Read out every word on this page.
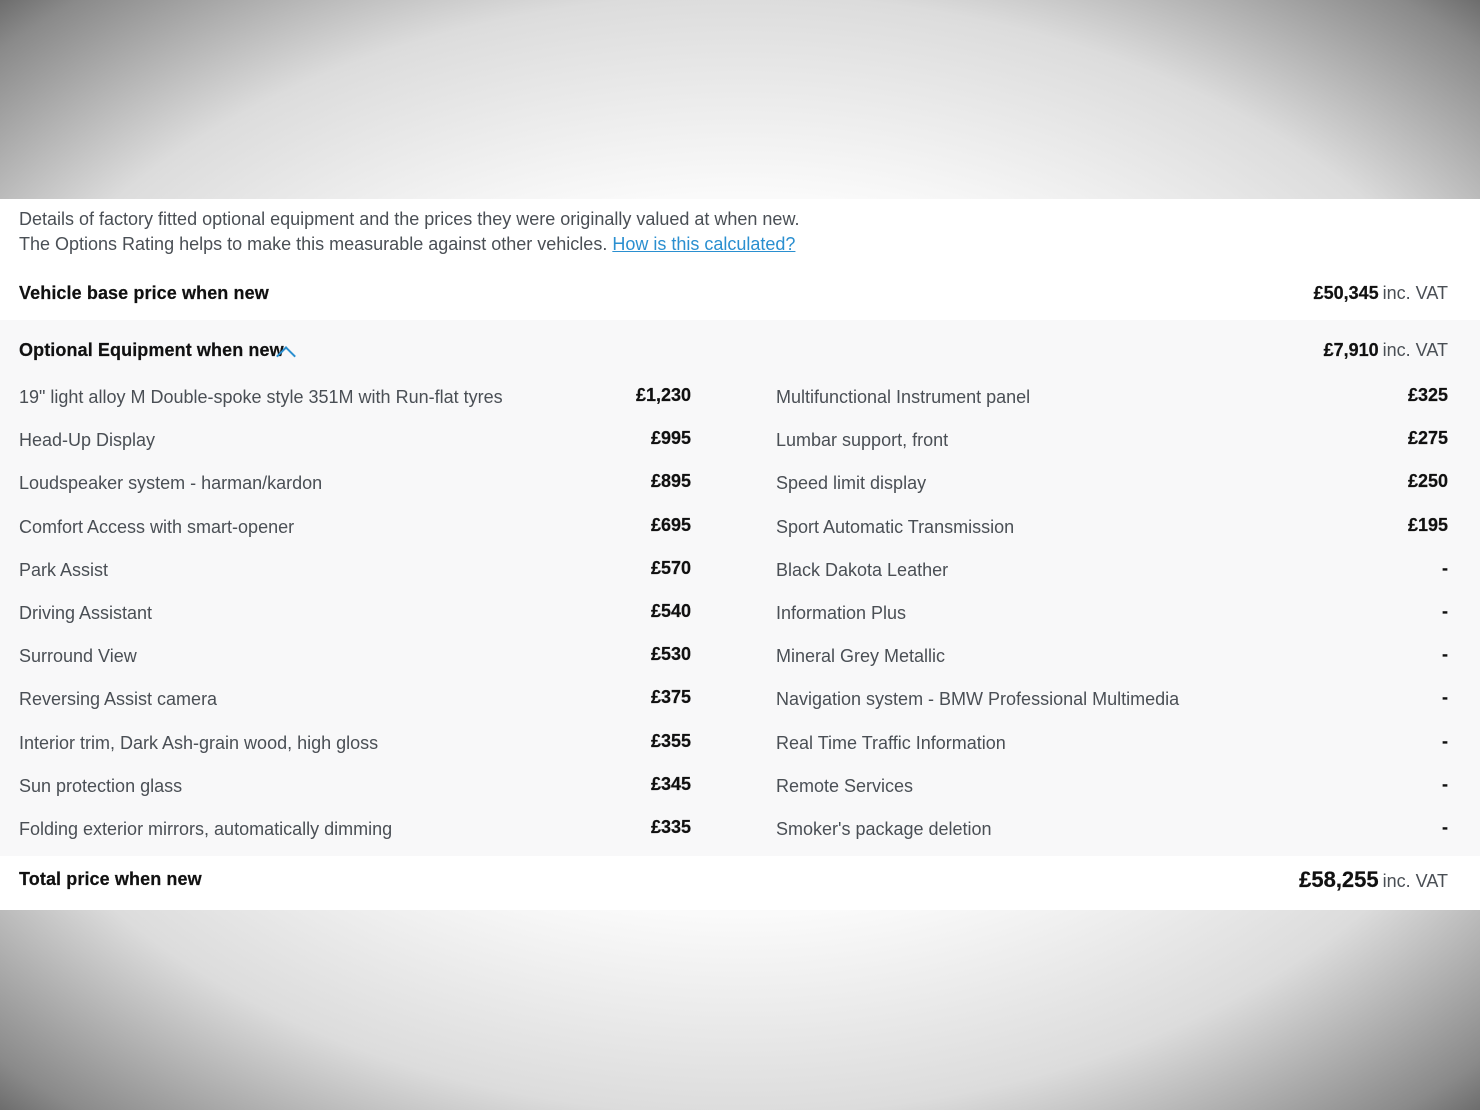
Details of factory fitted optional equipment and the prices they were originally valued at when new.
The Options Rating helps to make this measurable against other vehicles. How is this calculated?
Vehicle base price when new	£50,345 inc. VAT
Optional Equipment when new	£7,910 inc. VAT
19" light alloy M Double-spoke style 351M with Run-flat tyres	£1,230
Head-Up Display	£995
Loudspeaker system - harman/kardon	£895
Comfort Access with smart-opener	£695
Park Assist	£570
Driving Assistant	£540
Surround View	£530
Reversing Assist camera	£375
Interior trim, Dark Ash-grain wood, high gloss	£355
Sun protection glass	£345
Folding exterior mirrors, automatically dimming	£335
Multifunctional Instrument panel	£325
Lumbar support, front	£275
Speed limit display	£250
Sport Automatic Transmission	£195
Black Dakota Leather	-
Information Plus	-
Mineral Grey Metallic	-
Navigation system - BMW Professional Multimedia	-
Real Time Traffic Information	-
Remote Services	-
Smoker's package deletion	-
Total price when new	£58,255 inc. VAT
